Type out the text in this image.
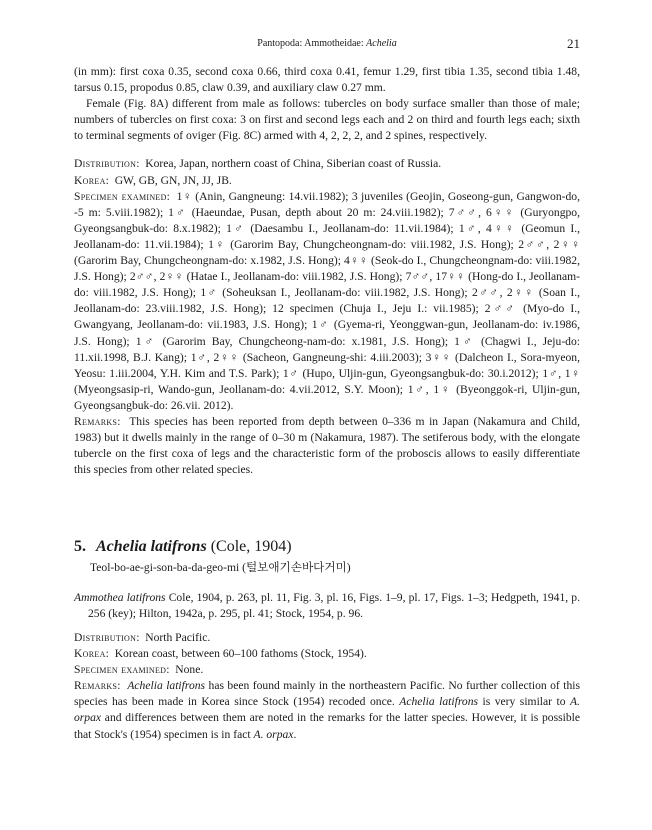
Pantopoda: Ammotheidae: Achelia	21

(in mm): first coxa 0.35, second coxa 0.66, third coxa 0.41, femur 1.29, first tibia 1.35, second tibia 1.48, tarsus 0.15, propodus 0.85, claw 0.39, and auxiliary claw 0.27 mm.

Female (Fig. 8A) different from male as follows: tubercles on body surface smaller than those of male; numbers of tubercles on first coxa: 3 on first and second legs each and 2 on third and fourth legs each; sixth to terminal segments of oviger (Fig. 8C) armed with 4, 2, 2, 2, and 2 spines, respectively.

Distribution:  Korea, Japan, northern coast of China, Siberian coast of Russia.

Korea:  GW, GB, GN, JN, JJ, JB.

Specimen examined:  1♀ (Anin, Gangneung: 14.vii.1982); 3 juveniles (Geojin, Goseong-gun, Gangwon-do, -5 m: 5.viii.1982); 1♂ (Haeundae, Pusan, depth about 20 m: 24.viii.1982); 7♂♂, 6♀♀ (Guryongpo, Gyeongsangbuk-do: 8.x.1982); 1♂ (Daesambu I., Jeollanam-do: 11.vii.1984); 1♂, 4♀♀ (Geomun I., Jeollanam-do: 11.vii.1984); 1♀ (Garorim Bay, Chungcheongnam-do: viii.1982, J.S. Hong); 2♂♂, 2♀♀ (Garorim Bay, Chungcheongnam-do: x.1982, J.S. Hong); 4♀♀ (Seok-do I., Chungcheongnam-do: viii.1982, J.S. Hong); 2♂♂, 2♀♀ (Hatae I., Jeollanam-do: viii.1982, J.S. Hong); 7♂♂, 17♀♀ (Hong-do I., Jeollanam-do: viii.1982, J.S. Hong); 1♂ (Soheuksan I., Jeollanam-do: viii.1982, J.S. Hong); 2♂♂, 2♀♀ (Soan I., Jeollanam-do: 23.viii.1982, J.S. Hong); 12 specimen (Chuja I., Jeju I.: vii.1985); 2♂♂ (Myo-do I., Gwangyang, Jeollanam-do: vii.1983, J.S. Hong); 1♂ (Gyema-ri, Yeonggwan-gun, Jeollanam-do: iv.1986, J.S. Hong); 1♂ (Garorim Bay, Chungcheong-nam-do: x.1981, J.S. Hong); 1♂ (Chagwi I., Jeju-do: 11.xii.1998, B.J. Kang); 1♂, 2♀♀ (Sacheon, Gangneung-shi: 4.iii.2003); 3♀♀ (Dalcheon I., Sora-myeon, Yeosu: 1.iii.2004, Y.H. Kim and T.S. Park); 1♂ (Hupo, Uljin-gun, Gyeongsangbuk-do: 30.i.2012); 1♂, 1♀ (Myeongsasip-ri, Wando-gun, Jeollanam-do: 4.vii.2012, S.Y. Moon); 1♂, 1♀ (Byeonggok-ri, Uljin-gun, Gyeongsangbuk-do: 26.vii. 2012).

Remarks:  This species has been reported from depth between 0–336 m in Japan (Nakamura and Child, 1983) but it dwells mainly in the range of 0–30 m (Nakamura, 1987). The setiferous body, with the elongate tubercle on the first coxa of legs and the characteristic form of the proboscis allows to easily differentiate this species from other related species.

5. Achelia latifrons (Cole, 1904)
Teol-bo-ae-gi-son-ba-da-geo-mi (털보애기손바다거미)

Ammothea latifrons Cole, 1904, p. 263, pl. 11, Fig. 3, pl. 16, Figs. 1–9, pl. 17, Figs. 1–3; Hedgpeth, 1941, p. 256 (key); Hilton, 1942a, p. 295, pl. 41; Stock, 1954, p. 96.

Distribution:  North Pacific.

Korea:  Korean coast, between 60–100 fathoms (Stock, 1954).

Specimen examined:  None.

Remarks:  Achelia latifrons has been found mainly in the northeastern Pacific. No further collection of this species has been made in Korea since Stock (1954) recoded once. Achelia latifrons is very similar to A. orpax and differences between them are noted in the remarks for the latter species. However, it is possible that Stock's (1954) specimen is in fact A. orpax.
